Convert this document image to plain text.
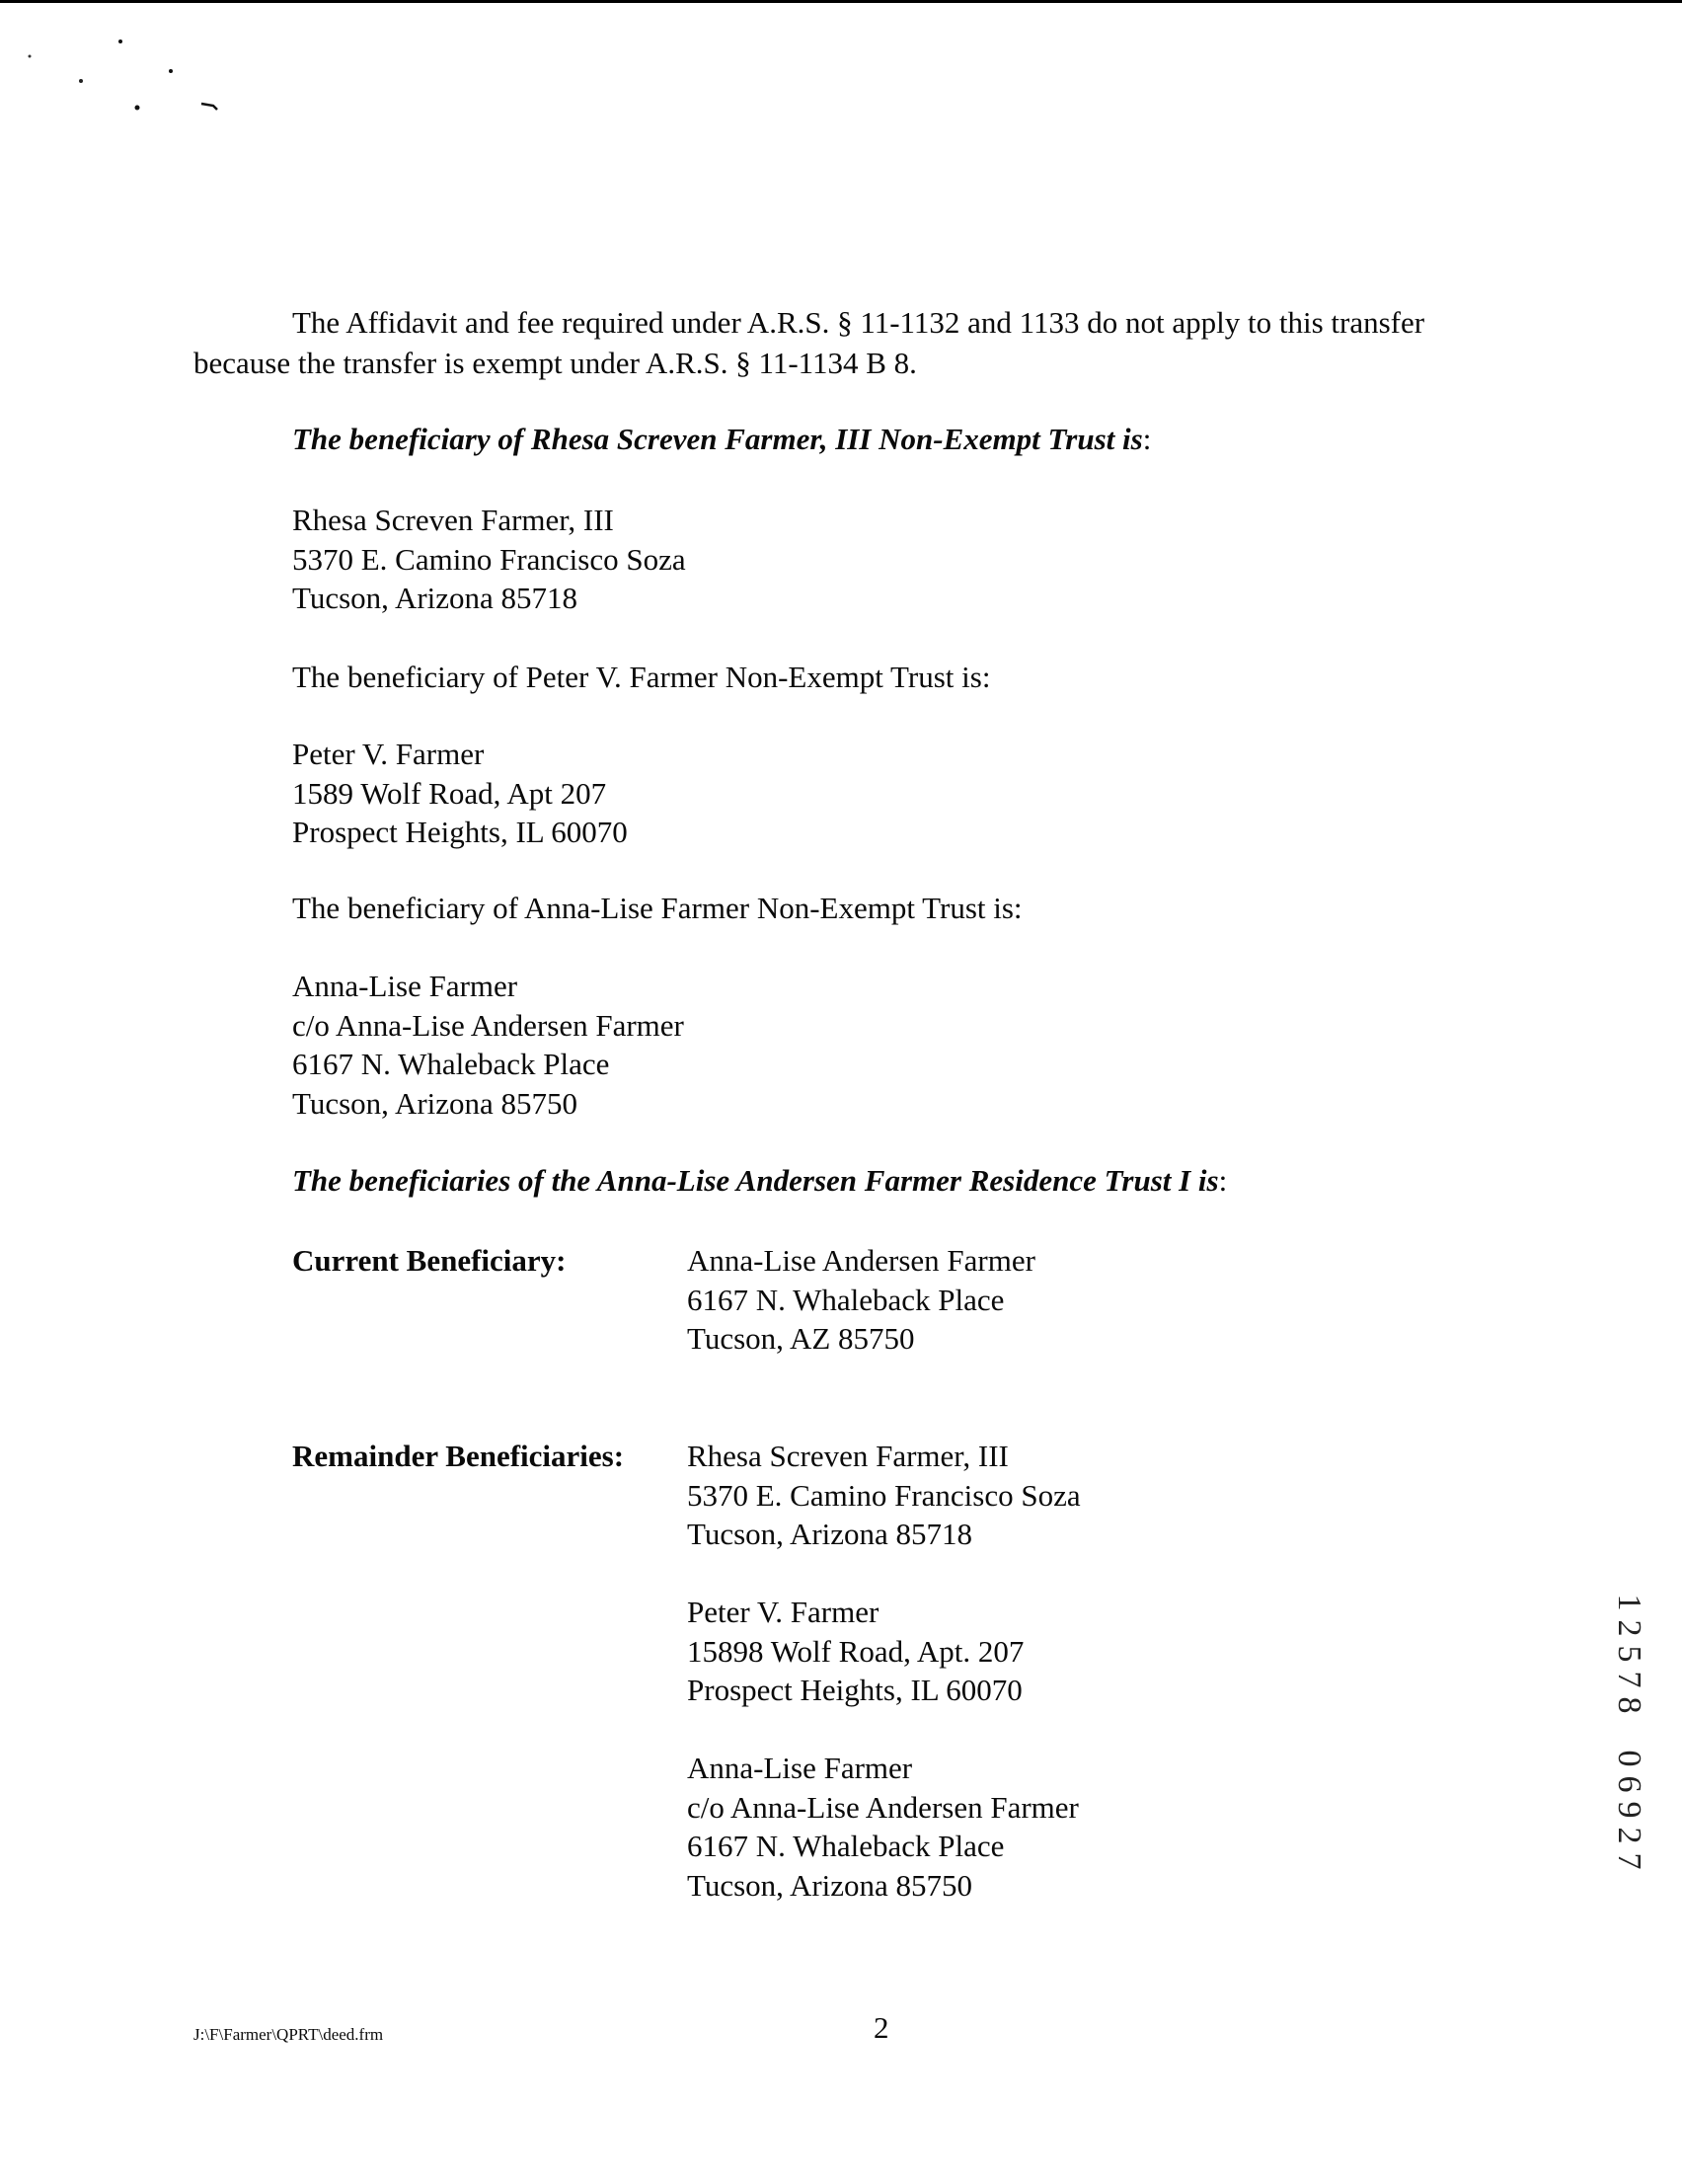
The Affidavit and fee required under A.R.S. § 11-1132 and 1133 do not apply to this transfer
because the transfer is exempt under A.R.S. § 11-1134 B 8.
The beneficiary of Rhesa Screven Farmer, III Non-Exempt Trust is:
Rhesa Screven Farmer, III
5370 E. Camino Francisco Soza
Tucson, Arizona 85718
The beneficiary of Peter V. Farmer Non-Exempt Trust is:
Peter V. Farmer
1589 Wolf Road, Apt 207
Prospect Heights, IL 60070
The beneficiary of Anna-Lise Farmer Non-Exempt Trust is:
Anna-Lise Farmer
c/o Anna-Lise Andersen Farmer
6167 N. Whaleback Place
Tucson, Arizona 85750
The beneficiaries of the Anna-Lise Andersen Farmer Residence Trust I is:
Current Beneficiary:	Anna-Lise Andersen Farmer
6167 N. Whaleback Place
Tucson, AZ 85750
Remainder Beneficiaries: Rhesa Screven Farmer, III
5370 E. Camino Francisco Soza
Tucson, Arizona 85718
Peter V. Farmer
15898 Wolf Road, Apt. 207
Prospect Heights, IL 60070
Anna-Lise Farmer
c/o Anna-Lise Andersen Farmer
6167 N. Whaleback Place
Tucson, Arizona 85750
1
2
5
7
8
0
6
9
2
7
J:\F\Farmer\QPRT\deed.frm	2
